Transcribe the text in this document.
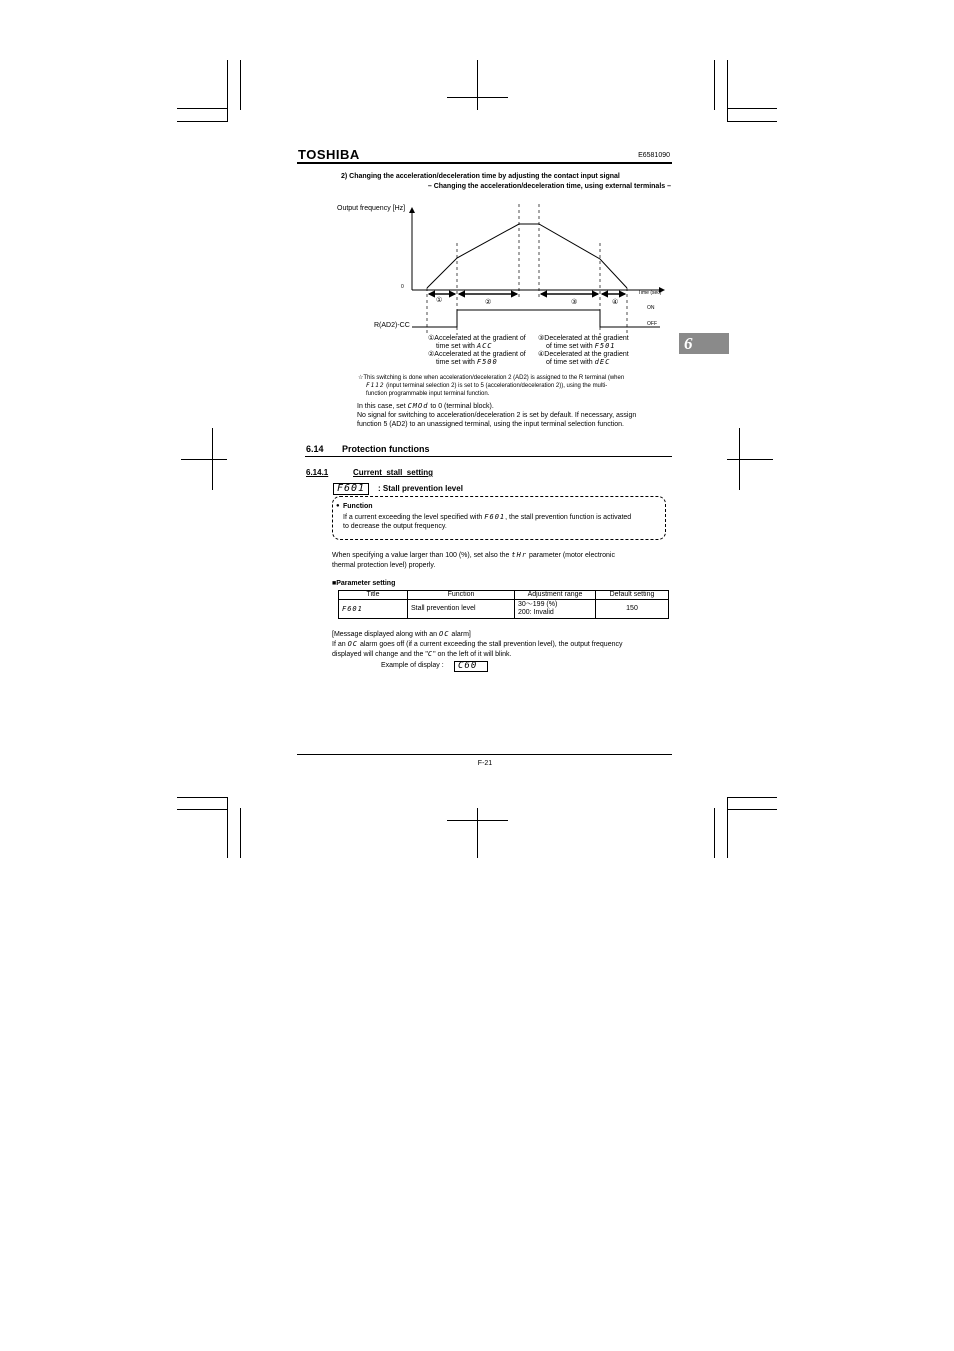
TOSHIBA	E6581090
6
2) Changing the acceleration/deceleration time by adjusting the contact input signal
– Changing the acceleration/deceleration time, using external terminals –
Output frequency [Hz]
0
Time (sec)
①	②	③	④
ON
OFF
R(AD2)-CC
①Accelerated at the gradient of
time set with ACC
②Accelerated at the gradient of
time set with F500
③Decelerated at the gradient
of time set with F501
④Decelerated at the gradient
of time set with dEC
☆This switching is done when acceleration/deceleration 2 (AD2) is assigned to the R terminal (when
F112 (input terminal selection 2) is set to 5 (acceleration/deceleration 2)), using the multi-
function programmable input terminal function.
In this case, set CMOd to 0 (terminal block).
No signal for switching to acceleration/deceleration 2 is set by default. If necessary, assign
function 5 (AD2) to an unassigned terminal, using the input terminal selection function.
6.14 Protection functions
6.14.1	Current  stall  setting
F601	: Stall prevention level
● Function
If a current exceeding the level specified with F601, the stall prevention function is activated
to decrease the output frequency.
When specifying a value larger than 100 (%), set also the tHr parameter (motor electronic
thermal protection level) properly.
■Parameter setting
Title	Function	Adjustment range	Default setting
F601	Stall prevention level	30～199 (%)
200: Invalid	150
[Message displayed along with an OC alarm]
If an OC alarm goes off (if a current exceeding the stall prevention level), the output frequency
displayed will change and the "C" on the left of it will blink.
Example of display :	C60
F-21
